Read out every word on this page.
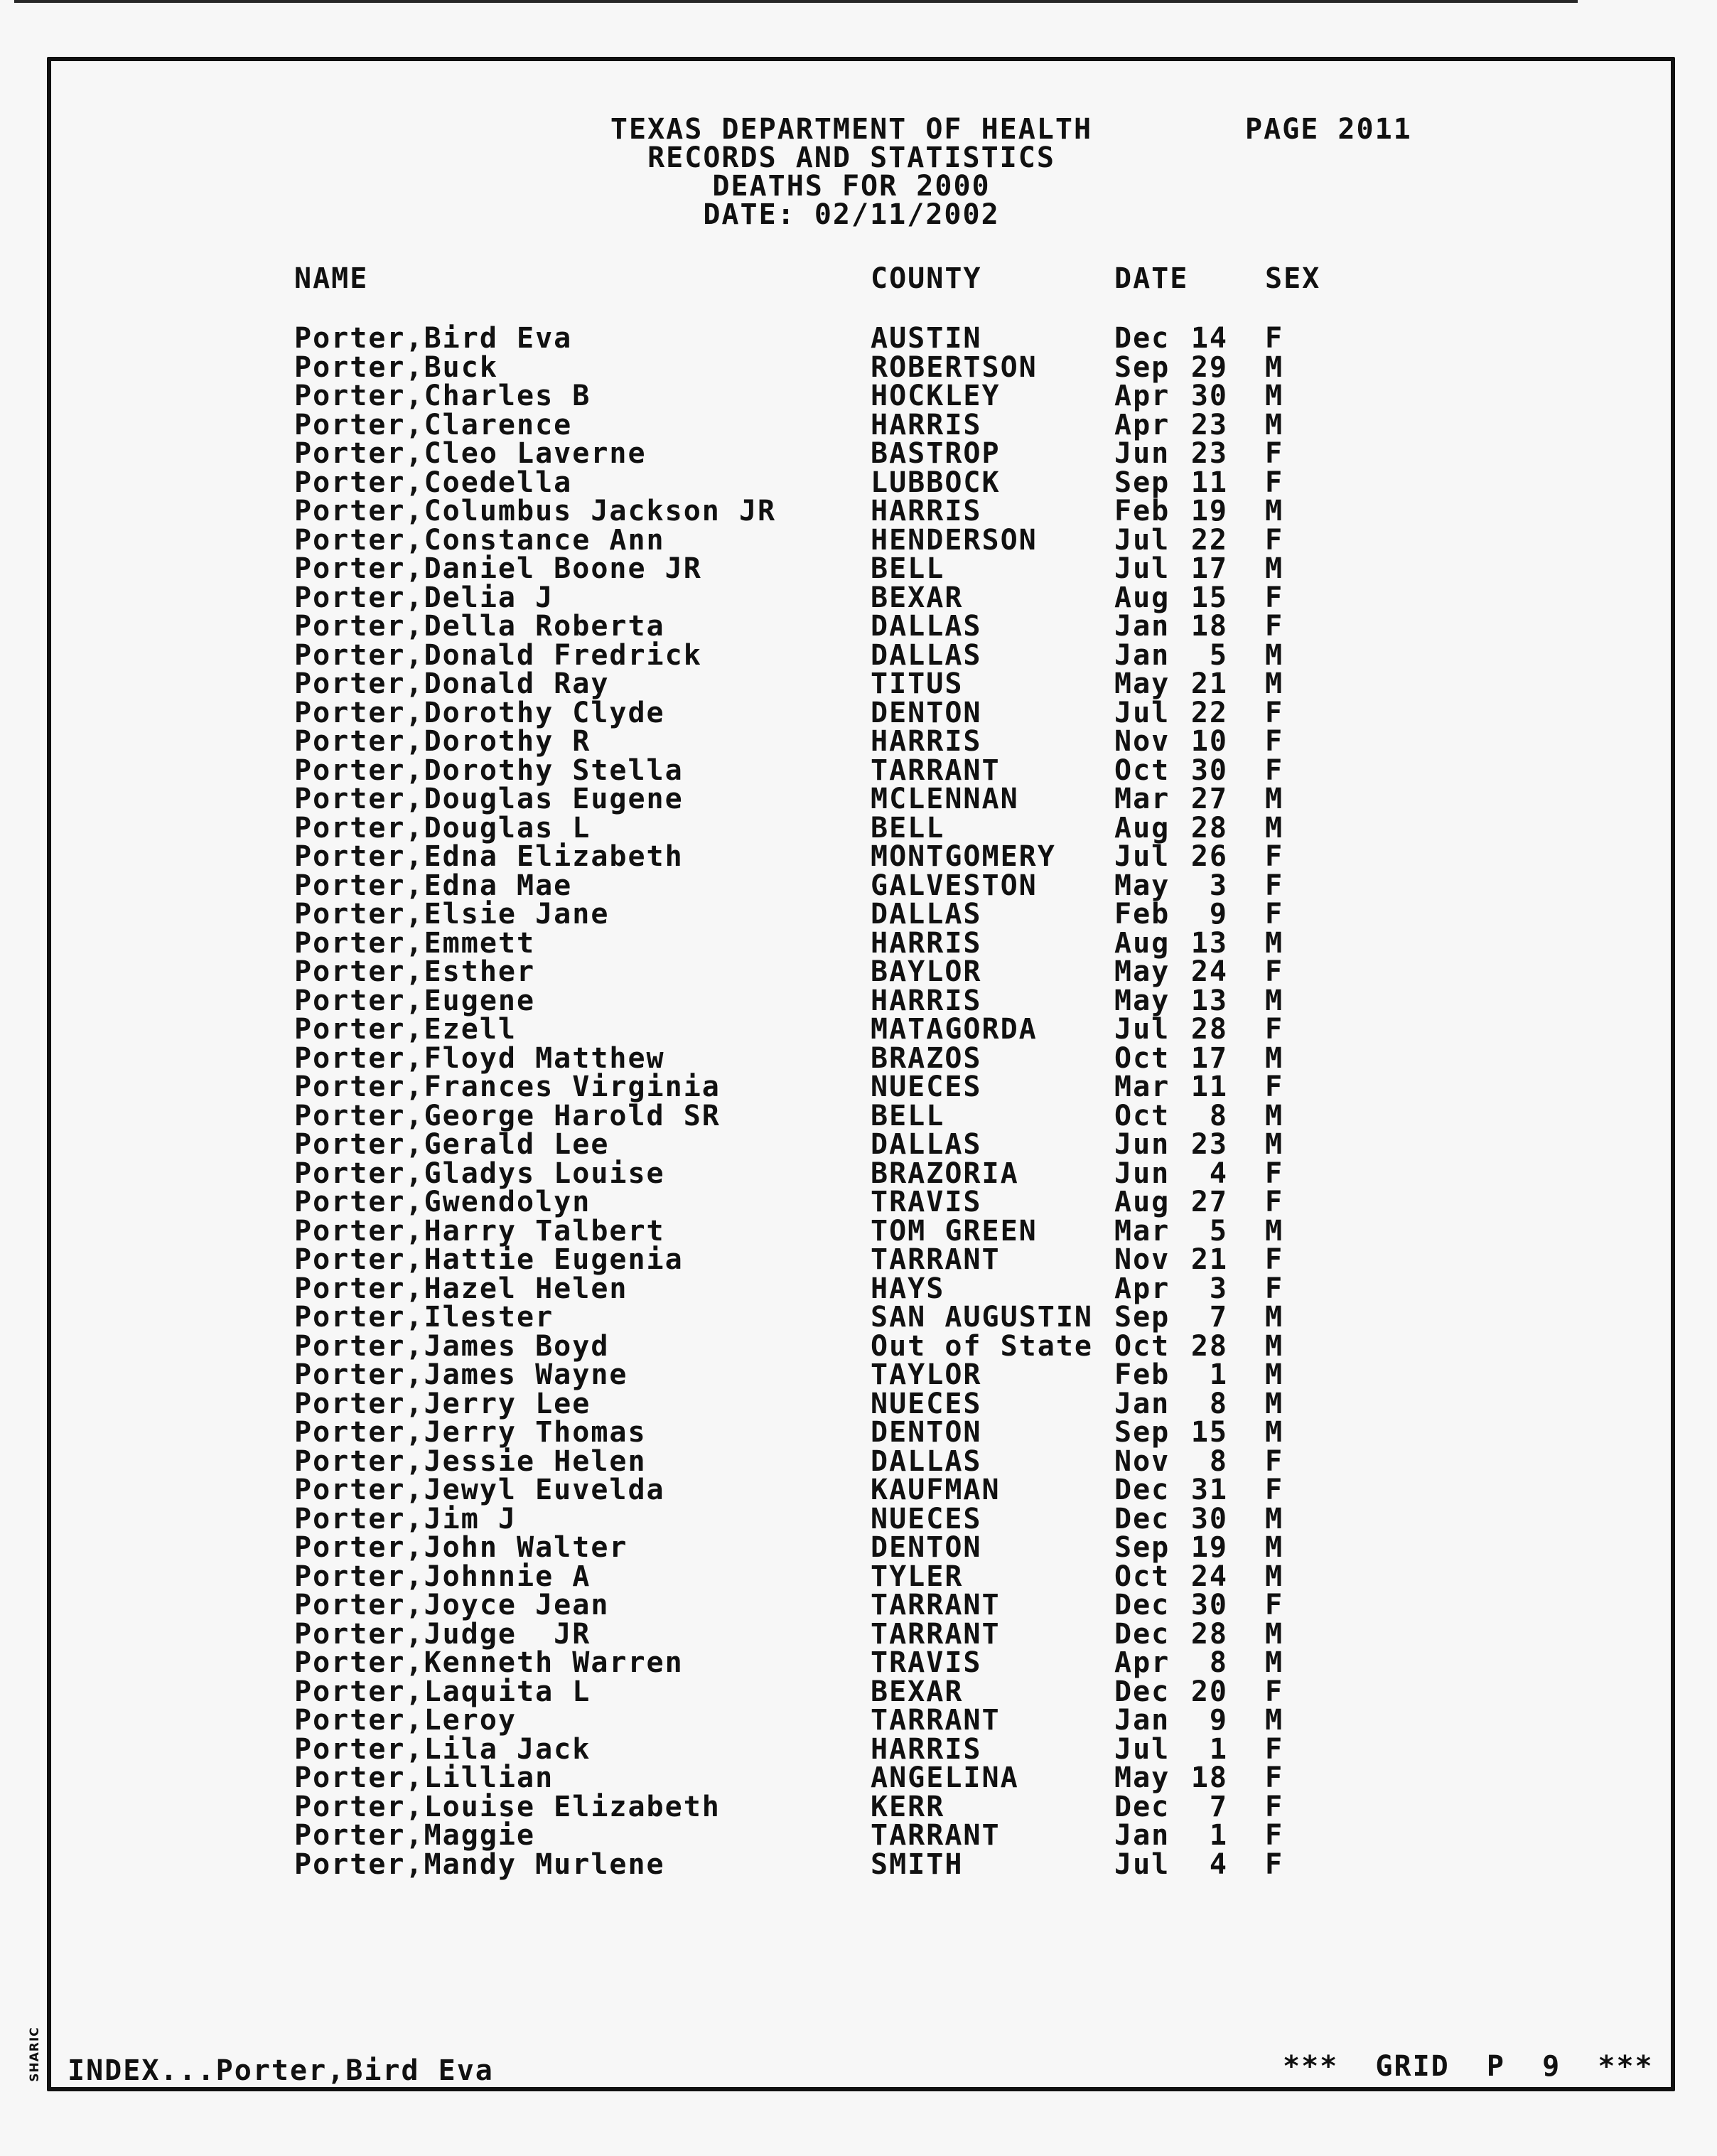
TEXAS DEPARTMENT OF HEALTH
RECORDS AND STATISTICS
DEATHS FOR 2000
DATE: 02/11/2002
PAGE 2011
NAME	COUNTY	DATE	SEX
Porter,Bird Eva	AUSTIN	Dec 14 F
Porter,Buck	ROBERTSON	Sep 29 M
Porter,Charles B	HOCKLEY	Apr 30 M
Porter,Clarence	HARRIS	Apr 23 M
Porter,Cleo Laverne	BASTROP	Jun 23 F
Porter,Coedella	LUBBOCK	Sep 11 F
Porter,Columbus Jackson JR	HARRIS	Feb 19 M
Porter,Constance Ann	HENDERSON	Jul 22 F
Porter,Daniel Boone JR	BELL	Jul 17 M
Porter,Delia J	BEXAR	Aug 15 F
Porter,Della Roberta	DALLAS	Jan 18 F
Porter,Donald Fredrick	DALLAS	Jan	5 M
Porter,Donald Ray	TITUS	May 21 M
Porter,Dorothy Clyde	DENTON	Jul 22 F
Porter,Dorothy R	HARRIS	Nov 10 F
Porter,Dorothy Stella	TARRANT	Oct 30 F
Porter,Douglas Eugene	MCLENNAN	Mar 27 M
Porter,Douglas L	BELL	Aug 28 M
Porter,Edna Elizabeth	MONTGOMERY Jul 26 F
Porter,Edna Mae	GALVESTON	May	3 F
Porter,Elsie Jane	DALLAS	Feb	9 F
Porter,Emmett	HARRIS	Aug 13 M
Porter,Esther	BAYLOR	May 24 F
Porter,Eugene	HARRIS	May 13 M
Porter,Ezell	MATAGORDA	Jul 28 F
Porter,Floyd Matthew	BRAZOS	Oct 17 M
Porter,Frances Virginia	NUECES	Mar 11 F
Porter,George Harold SR	BELL	Oct	8 M
Porter,Gerald Lee	DALLAS	Jun 23 M
Porter,Gladys Louise	BRAZORIA	Jun	4 F
Porter,Gwendolyn	TRAVIS	Aug 27 F
Porter,Harry Talbert	TOM GREEN	Mar	5 M
Porter,Hattie Eugenia	TARRANT	Nov 21 F
Porter,Hazel Helen	HAYS	Apr	3 F
Porter,Ilester	SAN AUGUSTIN Sep	7 M
Porter,James Boyd	Out of State Oct 28 M
Porter,James Wayne	TAYLOR	Feb	1 M
Porter,Jerry Lee	NUECES	Jan	8 M
Porter,Jerry Thomas	DENTON	Sep 15 M
Porter,Jessie Helen	DALLAS	Nov	8 F
Porter,Jewyl Euvelda	KAUFMAN	Dec 31 F
Porter,Jim J	NUECES	Dec 30 M
Porter,John Walter	DENTON	Sep 19 M
Porter,Johnnie A	TYLER	Oct 24 M
Porter,Joyce Jean	TARRANT	Dec 30 F
Porter,Judge  JR	TARRANT	Dec 28 M
Porter,Kenneth Warren	TRAVIS	Apr	8 M
Porter,Laquita L	BEXAR	Dec 20 F
Porter,Leroy	TARRANT	Jan	9 M
Porter,Lila Jack	HARRIS	Jul	1 F
Porter,Lillian	ANGELINA	May 18 F
Porter,Louise Elizabeth	KERR	Dec	7 F
Porter,Maggie	TARRANT	Jan	1 F
Porter,Mandy Murlene	SMITH	Jul	4 F
INDEX...Porter,Bird Eva	***  GRID  P  9  ***
SHARIC
